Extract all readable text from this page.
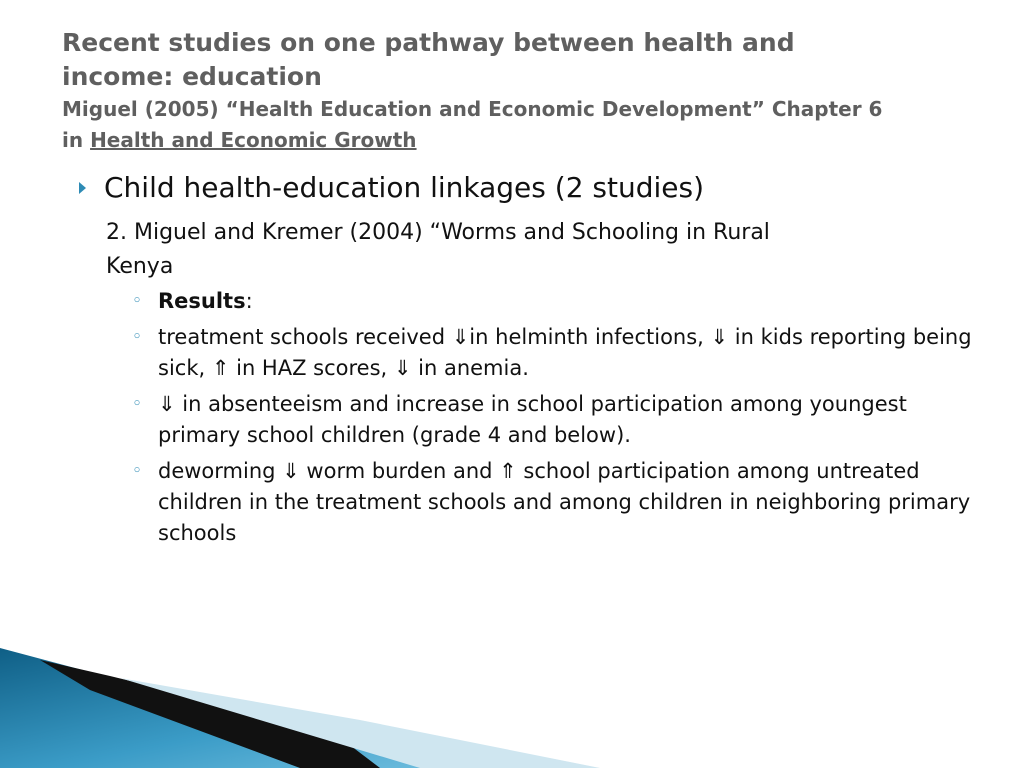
Recent studies on one pathway between health and
income: education
Miguel (2005) “Health Education and Economic Development” Chapter 6
in Health and Economic Growth
Child health-education linkages (2 studies)
2. Miguel and Kremer (2004) “Worms and Schooling in Rural
Kenya
◦ Results:
◦ treatment schools received ⇓in helminth infections, ⇓ in kids reporting being sick, ⇑ in HAZ scores, ⇓ in anemia.
◦ ⇓ in absenteeism and increase in school participation among youngest primary school children (grade 4 and below).
◦ deworming ⇓ worm burden and ⇑ school participation among untreated children in the treatment schools and among children in neighboring primary schools
